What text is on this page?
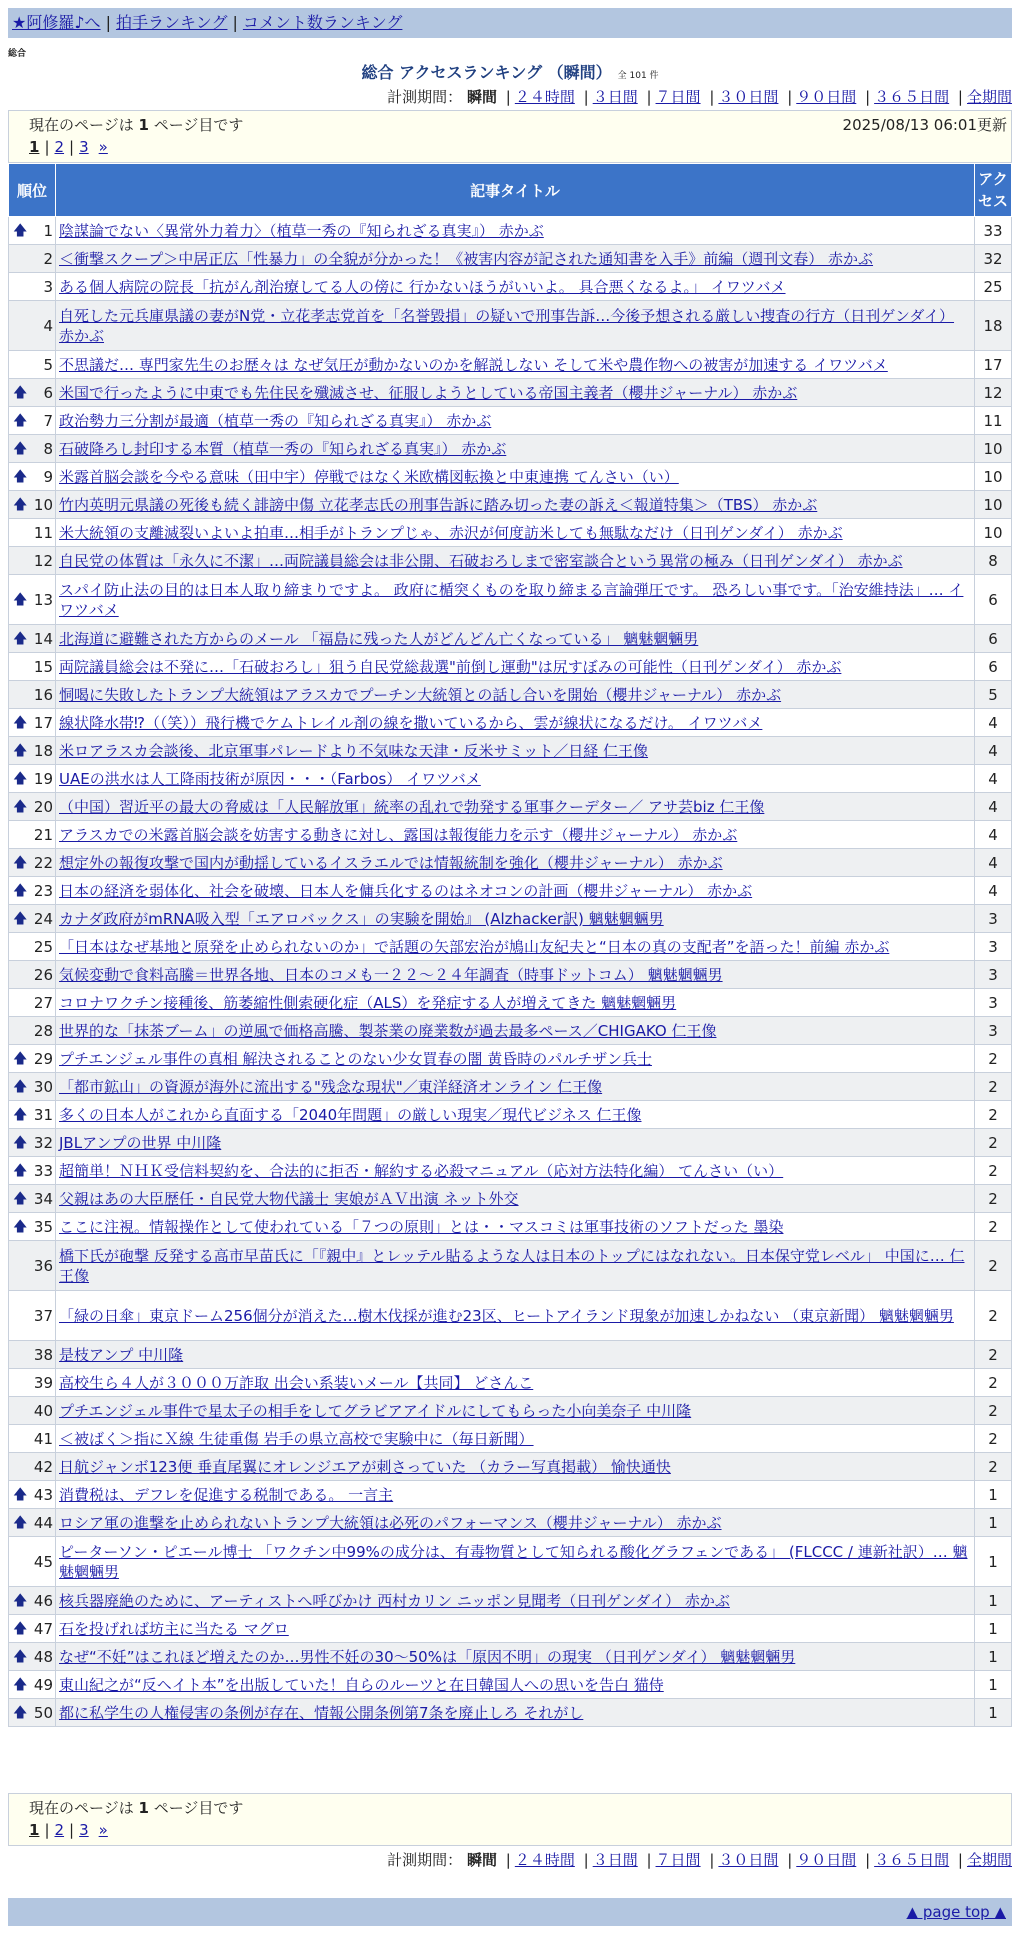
★阿修羅♪へ | 拍手ランキング | コメント数ランキング
総合
総合 アクセスランキング （瞬間） 全 101 件
計測期間： 瞬間 | ２４時間 | ３日間 | ７日間 | ３０日間 | ９０日間 | ３６５日間 | 全期間
現在のページは 1 ページ目です	2025/08/13 06:01更新
1 | 2 | 3 »
順位	記事タイトル	アクセス

🡅 1	陰謀論でない〈異常外力着力〉（植草一秀の『知られざる真実』） 赤かぶ	33
2	＜衝撃スクープ＞中居正広「性暴力」の全貌が分かった！《被害内容が記された通知書を入手》前編（週刊文春） 赤かぶ	32
3	ある個人病院の院長「抗がん剤治療してる人の傍に 行かないほうがいいよ。 具合悪くなるよ。」 イワツバメ	25
4	自死した元兵庫県議の妻がN党・立花孝志党首を「名誉毀損」の疑いで刑事告訴…今後予想される厳しい捜査の行方（日刊ゲンダイ） 赤かぶ	18
5	不思議だ… 専門家先生のお歴々は なぜ気圧が動かないのかを解説しない そして米や農作物への被害が加速する イワツバメ	17

🡅 6	米国で行ったように中東でも先住民を殲滅させ、征服しようとしている帝国主義者（櫻井ジャーナル） 赤かぶ	12

🡅 7	政治勢力三分割が最適（植草一秀の『知られざる真実』） 赤かぶ	11

🡅 8	石破降ろし封印する本質（植草一秀の『知られざる真実』） 赤かぶ	10

🡅 9	米露首脳会談を今やる意味（田中宇）停戦ではなく米欧構図転換と中東連携 てんさい（い）	10

🡅 10	竹内英明元県議の死後も続く誹謗中傷 立花孝志氏の刑事告訴に踏み切った妻の訴え＜報道特集＞（TBS） 赤かぶ	10
11	米大統領の支離滅裂いよいよ拍車…相手がトランプじゃ、赤沢が何度訪米しても無駄なだけ（日刊ゲンダイ） 赤かぶ	10
12	自民党の体質は「永久に不潔」…両院議員総会は非公開、石破おろしまで密室談合という異常の極み（日刊ゲンダイ） 赤かぶ	8

🡅 13	スパイ防止法の目的は日本人取り締まりですよ。 政府に楯突くものを取り締まる言論弾圧です。 恐ろしい事です。「治安維持法」… イワツバメ	6

🡅 14	北海道に避難された方からのメール 「福島に残った人がどんどん亡くなっている」 魑魅魍魎男	6
15	両院議員総会は不発に…「石破おろし」狙う自民党総裁選"前倒し運動"は尻すぼみの可能性（日刊ゲンダイ） 赤かぶ	6
16	恫喝に失敗したトランプ大統領はアラスカでプーチン大統領との話し合いを開始（櫻井ジャーナル） 赤かぶ	5

🡅 17	線状降水帯⁉（（笑））飛行機でケムトレイル剤の線を撒いているから、雲が線状になるだけ。 イワツバメ	4

🡅 18	米ロアラスカ会談後、北京軍事パレードより不気味な天津・反米サミット／日経 仁王像	4

🡅 19	UAEの洪水は人工降雨技術が原因・・・（Farbos） イワツバメ	4

🡅 20	（中国）習近平の最大の脅威は「人民解放軍」統率の乱れで勃発する軍事クーデター／ アサ芸biz 仁王像	4
21	アラスカでの米露首脳会談を妨害する動きに対し、露国は報復能力を示す（櫻井ジャーナル） 赤かぶ	4

🡅 22	想定外の報復攻撃で国内が動揺しているイスラエルでは情報統制を強化（櫻井ジャーナル） 赤かぶ	4

🡅 23	日本の経済を弱体化、社会を破壊、日本人を傭兵化するのはネオコンの計画（櫻井ジャーナル） 赤かぶ	4

🡅 24	カナダ政府がmRNA吸入型「エアロバックス」の実験を開始』 (Alzhacker訳) 魑魅魍魎男	3
25	「日本はなぜ基地と原発を止められないのか」で話題の矢部宏治が鳩山友紀夫と“日本の真の支配者”を語った！前編 赤かぶ	3
26	気候変動で食料高騰＝世界各地、日本のコメも一２２～２４年調査（時事ドットコム） 魑魅魍魎男	3
27	コロナワクチン接種後、筋萎縮性側索硬化症（ALS）を発症する人が増えてきた 魑魅魍魎男	3
28	世界的な「抹茶ブーム」の逆風で価格高騰、製茶業の廃業数が過去最多ペース／CHIGAKO 仁王像	3

🡅 29	プチエンジェル事件の真相 解決されることのない少女買春の闇 黄昏時のパルチザン兵士	2

🡅 30	「都市鉱山」の資源が海外に流出する"残念な現状"／東洋経済オンライン 仁王像	2

🡅 31	多くの日本人がこれから直面する「2040年問題」の厳しい現実／現代ビジネス 仁王像	2

🡅 32	JBLアンプの世界 中川隆	2

🡅 33	超簡単！ＮＨＫ受信料契約を、合法的に拒否・解約する必殺マニュアル（応対方法特化編） てんさい（い）	2

🡅 34	父親はあの大臣歴任・自民党大物代議士 実娘がＡＶ出演 ネット外交	2

🡅 35	ここに注視。情報操作として使われている「７つの原則」とは・・マスコミは軍事技術のソフトだった 墨染	2
36	橋下氏が砲撃 反発する高市早苗氏に「『親中』とレッテル貼るような人は日本のトップにはなれない。日本保守党レベル」 中国に… 仁王像	2
37	「緑の日傘」東京ドーム256個分が消えた…樹木伐採が進む23区、ヒートアイランド現象が加速しかねない （東京新聞） 魑魅魍魎男	2
38	是枝アンプ 中川隆	2
39	高校生ら４人が３０００万詐取 出会い系装いメール【共同】 どさんこ	2
40	プチエンジェル事件で星太子の相手をしてグラビアアイドルにしてもらった小向美奈子 中川隆	2
41	＜被ばく＞指にＸ線 生徒重傷 岩手の県立高校で実験中に（毎日新聞）	2
42	日航ジャンボ123便 垂直尾翼にオレンジエアが刺さっていた （カラー写真掲載） 愉快通快	2

🡅 43	消費税は、デフレを促進する税制である。 一言主	1

🡅 44	ロシア軍の進撃を止められないトランプ大統領は必死のパフォーマンス（櫻井ジャーナル） 赤かぶ	1
45	ピーターソン・ピエール博士 「ワクチン中99%の成分は、有毒物質として知られる酸化グラフェンである」 (FLCCC / 連新社訳）… 魑魅魍魎男	1

🡅 46	核兵器廃絶のために、アーティストへ呼びかけ 西村カリン ニッポン見聞考（日刊ゲンダイ） 赤かぶ	1

🡅 47	石を投げれば坊主に当たる マグロ	1

🡅 48	なぜ“不妊”はこれほど増えたのか…男性不妊の30～50%は「原因不明」の現実 （日刊ゲンダイ） 魑魅魍魎男	1

🡅 49	東山紀之が“反ヘイト本”を出版していた！自らのルーツと在日韓国人への思いを告白 猫侍	1

🡅 50	都に私学生の人権侵害の条例が存在、情報公開条例第7条を廃止しろ それがし	1
現在のページは 1 ページ目です
1 | 2 | 3 »
計測期間： 瞬間 | ２４時間 | ３日間 | ７日間 | ３０日間 | ９０日間 | ３６５日間 | 全期間
▲ page top ▲
